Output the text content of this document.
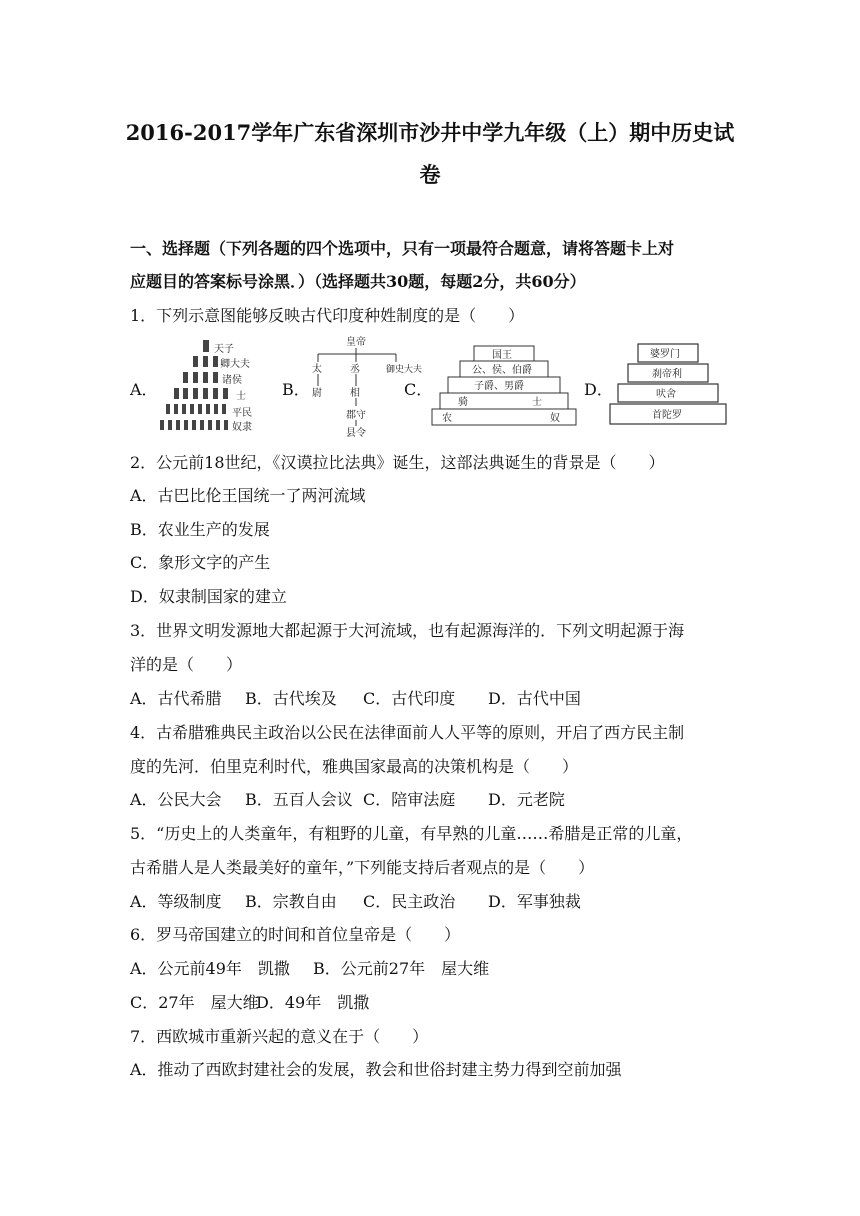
2016-2017学年广东省深圳市沙井中学九年级（上）期中历史试
卷
一、选择题（下列各题的四个选项中，只有一项最符合题意，请将答题卡上对
应题目的答案标号涂黑．）（选择题共30题，每题2分，共60分）
1．下列示意图能够反映古代印度种姓制度的是（　　）
A．
天子
卿大夫
诸侯
士
平民
奴隶
B．
皇帝
太	丞	御史大夫
尉	相
郡守
县令
C．
国王
公、侯、伯爵
子爵、男爵
骑	士
农	奴
D．
婆罗门
刹帝利
吠舍
首陀罗
2．公元前18世纪，《汉谟拉比法典》诞生，这部法典诞生的背景是（　　）
A．古巴比伦王国统一了两河流域
B．农业生产的发展
C．象形文字的产生
D．奴隶制国家的建立
3．世界文明发源地大都起源于大河流域，也有起源海洋的．下列文明起源于海
洋的是（　　）
A．古代希腊 B．古代埃及 C．古代印度 D．古代中国
4．古希腊雅典民主政治以公民在法律面前人人平等的原则，开启了西方民主制
度的先河．伯里克利时代，雅典国家最高的决策机构是（　　）
A．公民大会 B．五百人会议 C．陪审法庭 D．元老院
5．“历史上的人类童年，有粗野的儿童，有早熟的儿童……希腊是正常的儿童，
古希腊人是人类最美好的童年，”下列能支持后者观点的是（　　）
A．等级制度 B．宗教自由 C．民主政治 D．军事独裁
6．罗马帝国建立的时间和首位皇帝是（　　）
A．公元前49年　凯撒 B．公元前27年　屋大维
C．27年　屋大维D．49年　凯撒
7．西欧城市重新兴起的意义在于（　　）
A．推动了西欧封建社会的发展，教会和世俗封建主势力得到空前加强
